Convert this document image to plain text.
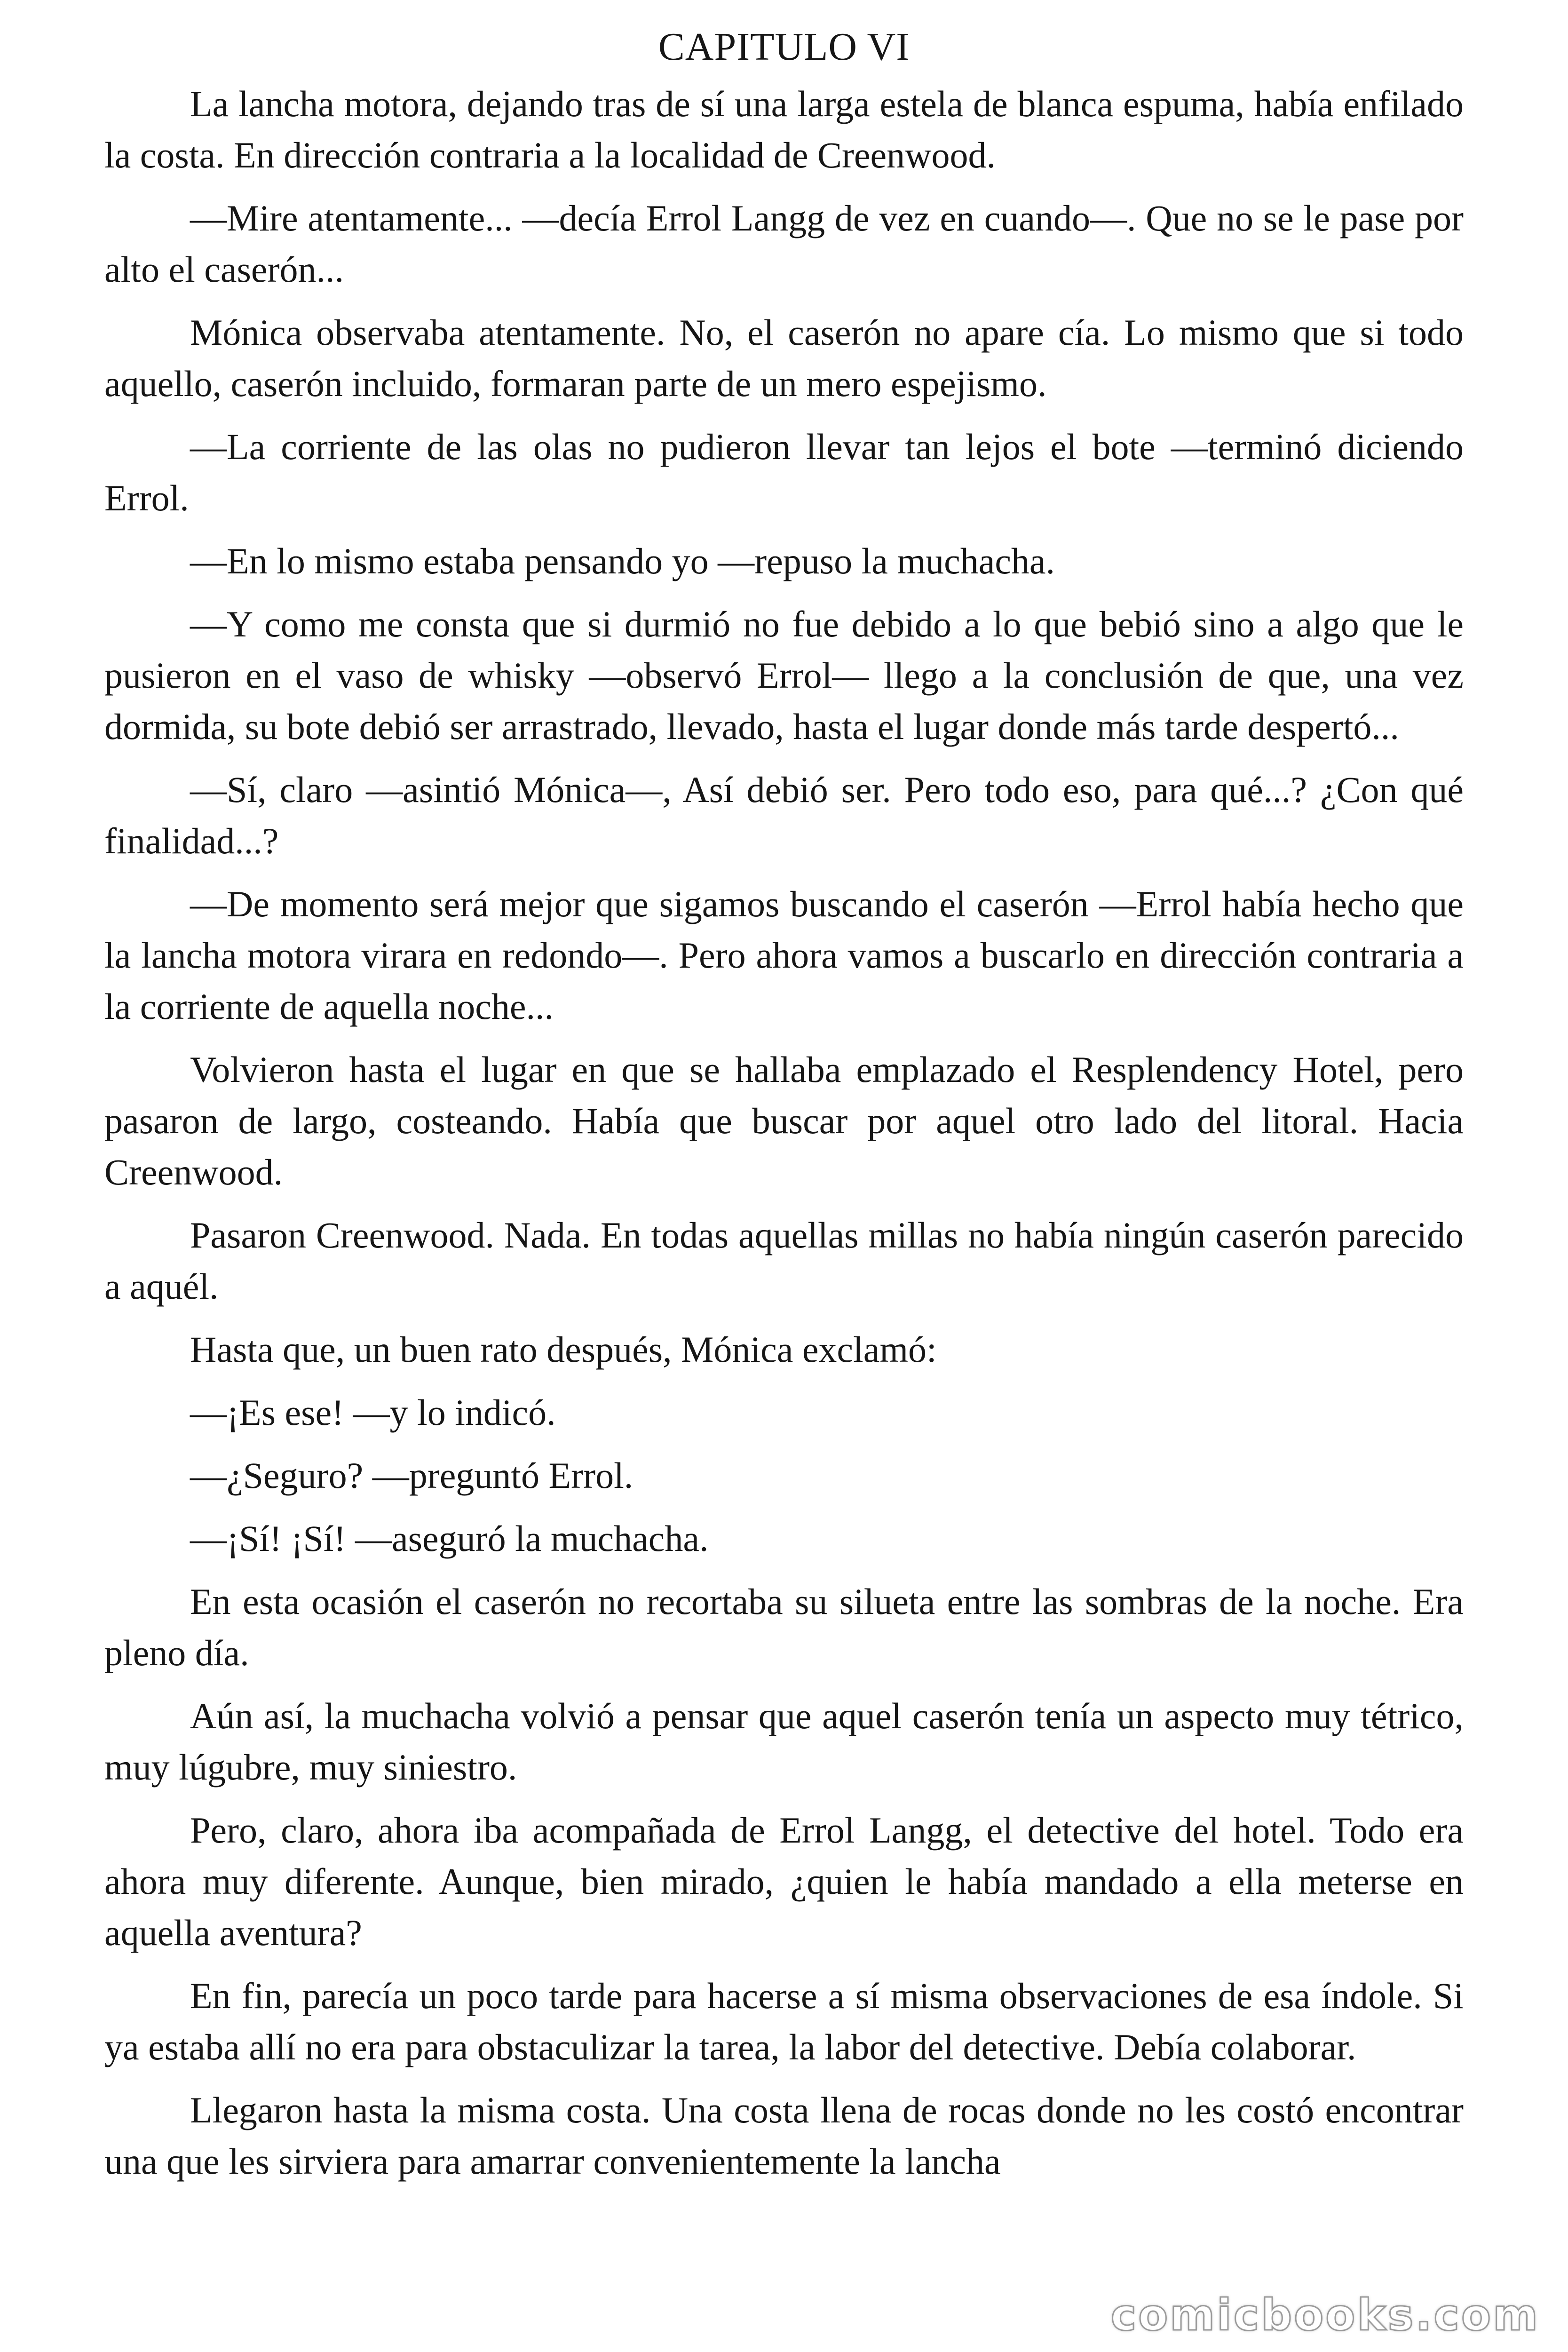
CAPITULO VI

La lancha motora, dejando tras de sí una larga estela de blanca espuma, había enfilado la costa. En dirección contraria a la localidad de Creenwood.

—Mire atentamente... —decía Errol Langg de vez en cuando—. Que no se le pase por alto el caserón...

Mónica observaba atentamente. No, el caserón no apare cía. Lo mismo que si todo aquello, caserón incluido, formaran parte de un mero espejismo.

—La corriente de las olas no pudieron llevar tan lejos el bote —terminó diciendo Errol.

—En lo mismo estaba pensando yo —repuso la muchacha.

—Y como me consta que si durmió no fue debido a lo que bebió sino a algo que le pusieron en el vaso de whisky —observó Errol— llego a la conclusión de que, una vez dormida, su bote debió ser arrastrado, llevado, hasta el lugar donde más tarde despertó...

—Sí, claro —asintió Mónica—, Así debió ser. Pero todo eso, para qué...? ¿Con qué finalidad...?

—De momento será mejor que sigamos buscando el caserón —Errol había hecho que la lancha motora virara en redondo—. Pero ahora vamos a buscarlo en dirección contraria a la corriente de aquella noche...

Volvieron hasta el lugar en que se hallaba emplazado el Resplendency Hotel, pero pasaron de largo, costeando. Había que buscar por aquel otro lado del litoral. Hacia Creenwood.

Pasaron Creenwood. Nada. En todas aquellas millas no había ningún caserón parecido a aquél.

Hasta que, un buen rato después, Mónica exclamó:

—¡Es ese! —y lo indicó.

—¿Seguro? —preguntó Errol.

—¡Sí! ¡Sí! —aseguró la muchacha.

En esta ocasión el caserón no recortaba su silueta entre las sombras de la noche. Era pleno día.

Aún así, la muchacha volvió a pensar que aquel caserón tenía un aspecto muy tétrico, muy lúgubre, muy siniestro.

Pero, claro, ahora iba acompañada de Errol Langg, el detective del hotel. Todo era ahora muy diferente. Aunque, bien mirado, ¿quien le había mandado a ella meterse en aquella aventura?

En fin, parecía un poco tarde para hacerse a sí misma observaciones de esa índole. Si ya estaba allí no era para obstaculizar la tarea, la labor del detective. Debía colaborar.

Llegaron hasta la misma costa. Una costa llena de rocas donde no les costó encontrar una que les sirviera para amarrar convenientemente la lancha

comicbooks.com
